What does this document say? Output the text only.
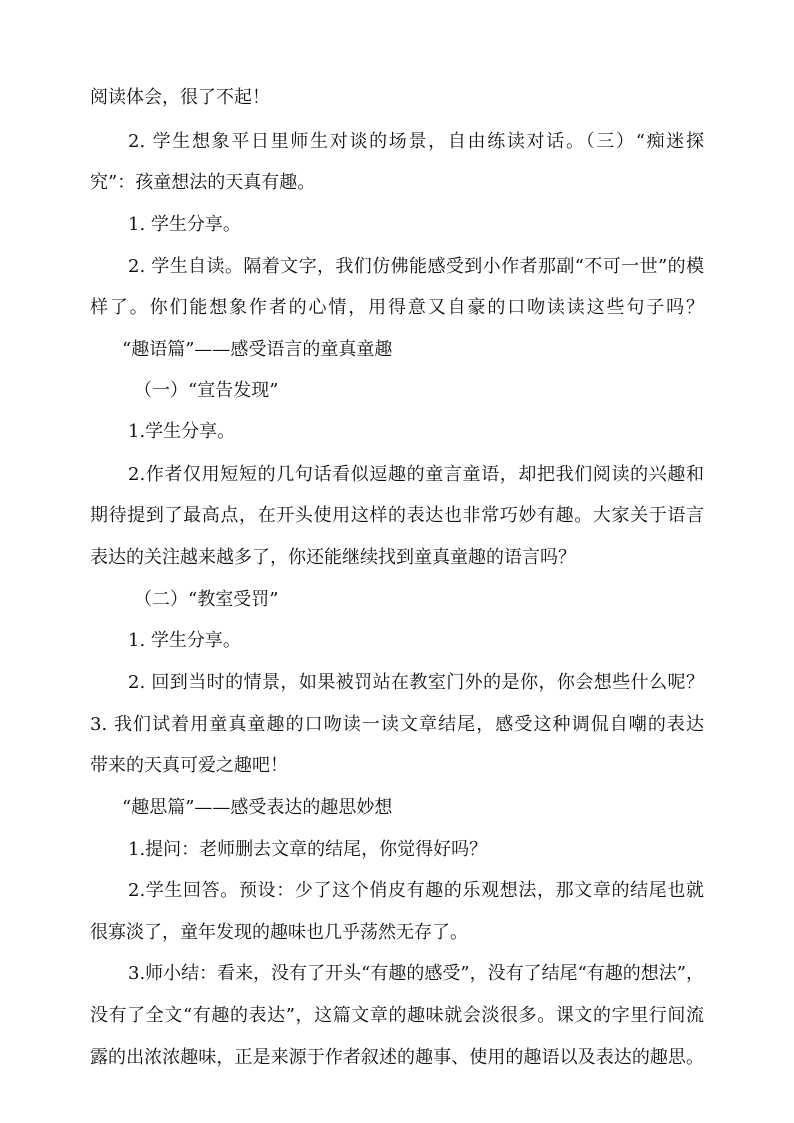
阅读体会，很了不起！
2. 学生想象平日里师生对谈的场景，自由练读对话。（三）“痴迷探
究”：孩童想法的天真有趣。
1. 学生分享。
2. 学生自读。隔着文字，我们仿佛能感受到小作者那副“不可一世”的模
样了。你们能想象作者的心情，用得意又自豪的口吻读读这些句子吗？
“趣语篇”——感受语言的童真童趣
（一）“宣告发现”
1.学生分享。
2.作者仅用短短的几句话看似逗趣的童言童语，却把我们阅读的兴趣和
期待提到了最高点，在开头使用这样的表达也非常巧妙有趣。大家关于语言
表达的关注越来越多了，你还能继续找到童真童趣的语言吗？
（二）“教室受罚”
1. 学生分享。
2. 回到当时的情景，如果被罚站在教室门外的是你，你会想些什么呢？
3. 我们试着用童真童趣的口吻读一读文章结尾，感受这种调侃自嘲的表达
带来的天真可爱之趣吧！
“趣思篇”——感受表达的趣思妙想
1.提问：老师删去文章的结尾，你觉得好吗？
2.学生回答。预设：少了这个俏皮有趣的乐观想法，那文章的结尾也就
很寡淡了，童年发现的趣味也几乎荡然无存了。
3.师小结：看来，没有了开头“有趣的感受”，没有了结尾“有趣的想法”，
没有了全文“有趣的表达”，这篇文章的趣味就会淡很多。课文的字里行间流
露的出浓浓趣味，正是来源于作者叙述的趣事、使用的趣语以及表达的趣思。
